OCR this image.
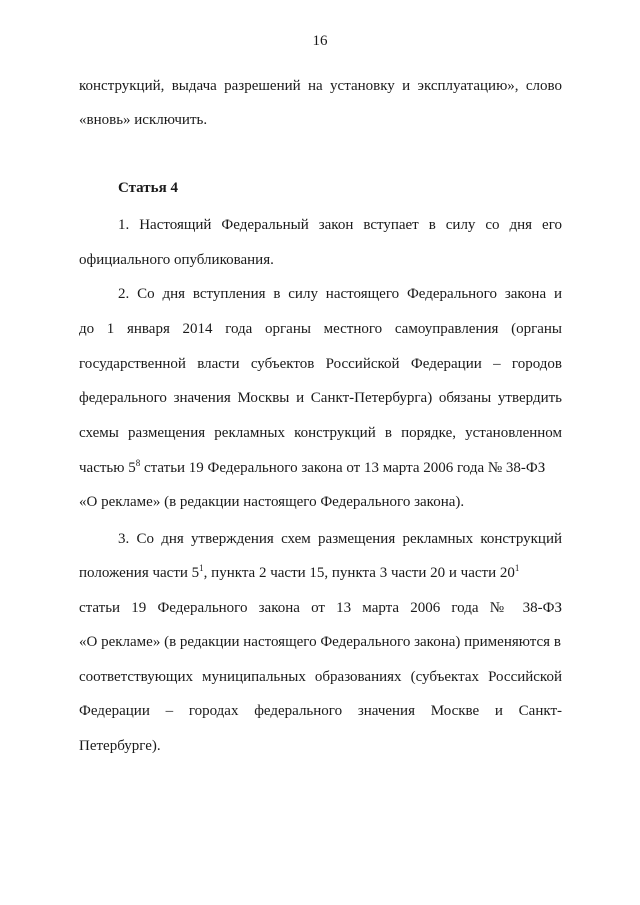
16
конструкций, выдача разрешений на установку и эксплуатацию», слово
«вновь» исключить.
Статья 4
1. Настоящий Федеральный закон вступает в силу со дня его
официального опубликования.
2. Со дня вступления в силу настоящего Федерального закона и
до 1 января 2014 года органы местного самоуправления (органы
государственной власти субъектов Российской Федерации – городов
федерального значения Москвы и Санкт-Петербурга) обязаны утвердить
схемы размещения рекламных конструкций в порядке, установленном
частью $5^8$ статьи 19 Федерального закона от 13 марта 2006 года № 38-ФЗ
«О рекламе» (в редакции настоящего Федерального закона).
3. Со дня утверждения схем размещения рекламных конструкций
положения части $5^1$, пункта 2 части 15, пункта 3 части 20 и части $20^1$
статьи 19 Федерального закона от 13 марта 2006 года № 38-ФЗ
«О рекламе» (в редакции настоящего Федерального закона) применяются в
соответствующих муниципальных образованиях (субъектах Российской
Федерации – городах федерального значения Москве и Санкт-
Петербурге).
